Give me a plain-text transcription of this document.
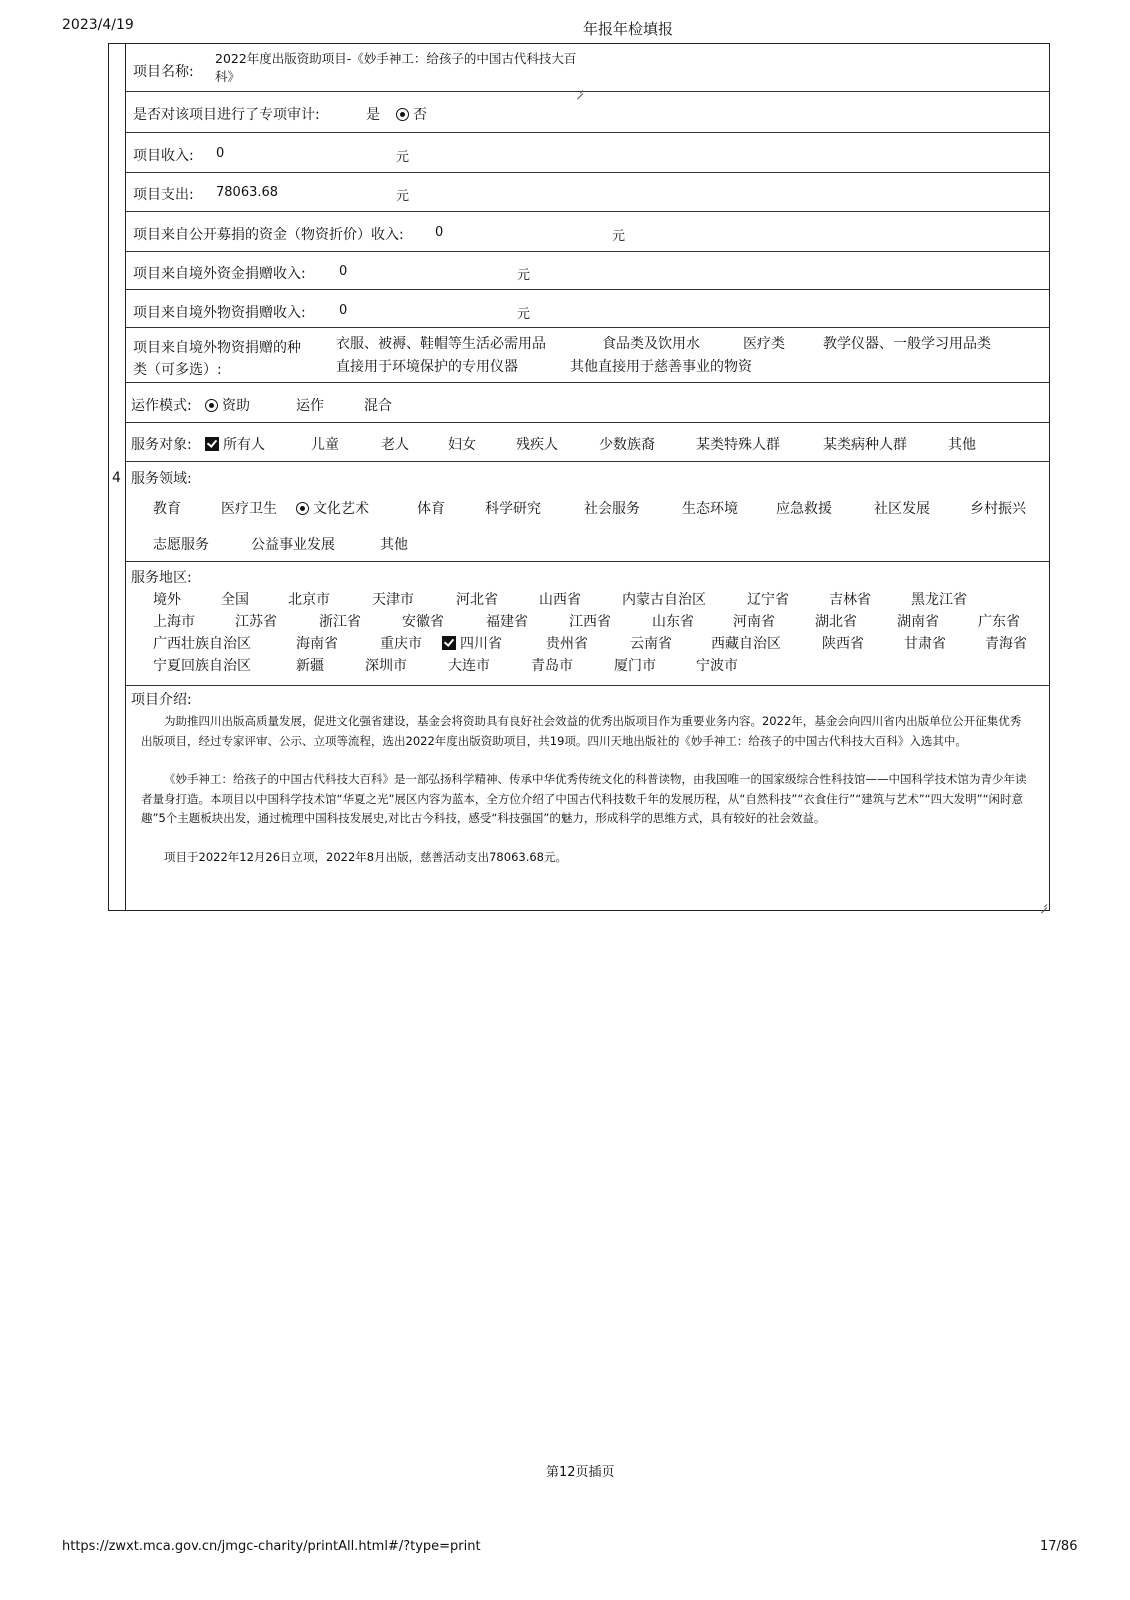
2023/4/19	年报年检填报
4
项目名称:
2022年度出版资助项目-《妙手神工：给孩子的中国古代科技大百科》
是否对该项目进行了专项审计:	是	否
项目收入: 0	元
项目支出: 78063.68	元
项目来自公开募捐的资金（物资折价）收入: 0	元
项目来自境外资金捐赠收入:	0	元
项目来自境外物资捐赠收入:	0	元
项目来自境外物资捐赠的种
类（可多选）:
衣服、被褥、鞋帽等生活必需用品	食品类及饮用水	医疗类	教学仪器、一般学习用品类
直接用于环境保护的专用仪器	其他直接用于慈善事业的物资
运作模式:	资助	运作	混合
服务对象:	所有人	儿童	老人	妇女	残疾人	少数族裔	某类特殊人群	某类病种人群	其他
服务领域:
教育	医疗卫生	文化艺术	体育	科学研究	社会服务	生态环境	应急救援	社区发展	乡村振兴
志愿服务	公益事业发展	其他
服务地区:
境外	全国	北京市	天津市	河北省	山西省	内蒙古自治区	辽宁省	吉林省	黑龙江省
上海市	江苏省	浙江省	安徽省	福建省	江西省	山东省	河南省	湖北省	湖南省	广东省
广西壮族自治区	海南省	重庆市	四川省	贵州省	云南省	西藏自治区	陕西省	甘肃省	青海省
宁夏回族自治区	新疆	深圳市	大连市	青岛市	厦门市	宁波市
项目介绍:
为助推四川出版高质量发展，促进文化强省建设，基金会将资助具有良好社会效益的优秀出版项目作为重要业务内容。2022年，基金会向四川省内出版单位公开征集优秀出版项目，经过专家评审、公示、立项等流程，选出2022年度出版资助项目，共19项。四川天地出版社的《妙手神工：给孩子的中国古代科技大百科》入选其中。
《妙手神工：给孩子的中国古代科技大百科》是一部弘扬科学精神、传承中华优秀传统文化的科普读物，由我国唯一的国家级综合性科技馆——中国科学技术馆为青少年读者量身打造。本项目以中国科学技术馆“华夏之光”展区内容为蓝本，全方位介绍了中国古代科技数千年的发展历程，从“自然科技”“衣食住行”“建筑与艺术”“四大发明”“闲时意趣”5个主题板块出发，通过梳理中国科技发展史,对比古今科技，感受“科技强国”的魅力，形成科学的思维方式，具有较好的社会效益。
项目于2022年12月26日立项，2022年8月出版，慈善活动支出78063.68元。
第12页插页
https://zwxt.mca.gov.cn/jmgc-charity/printAll.html#/?type=print	17/86
